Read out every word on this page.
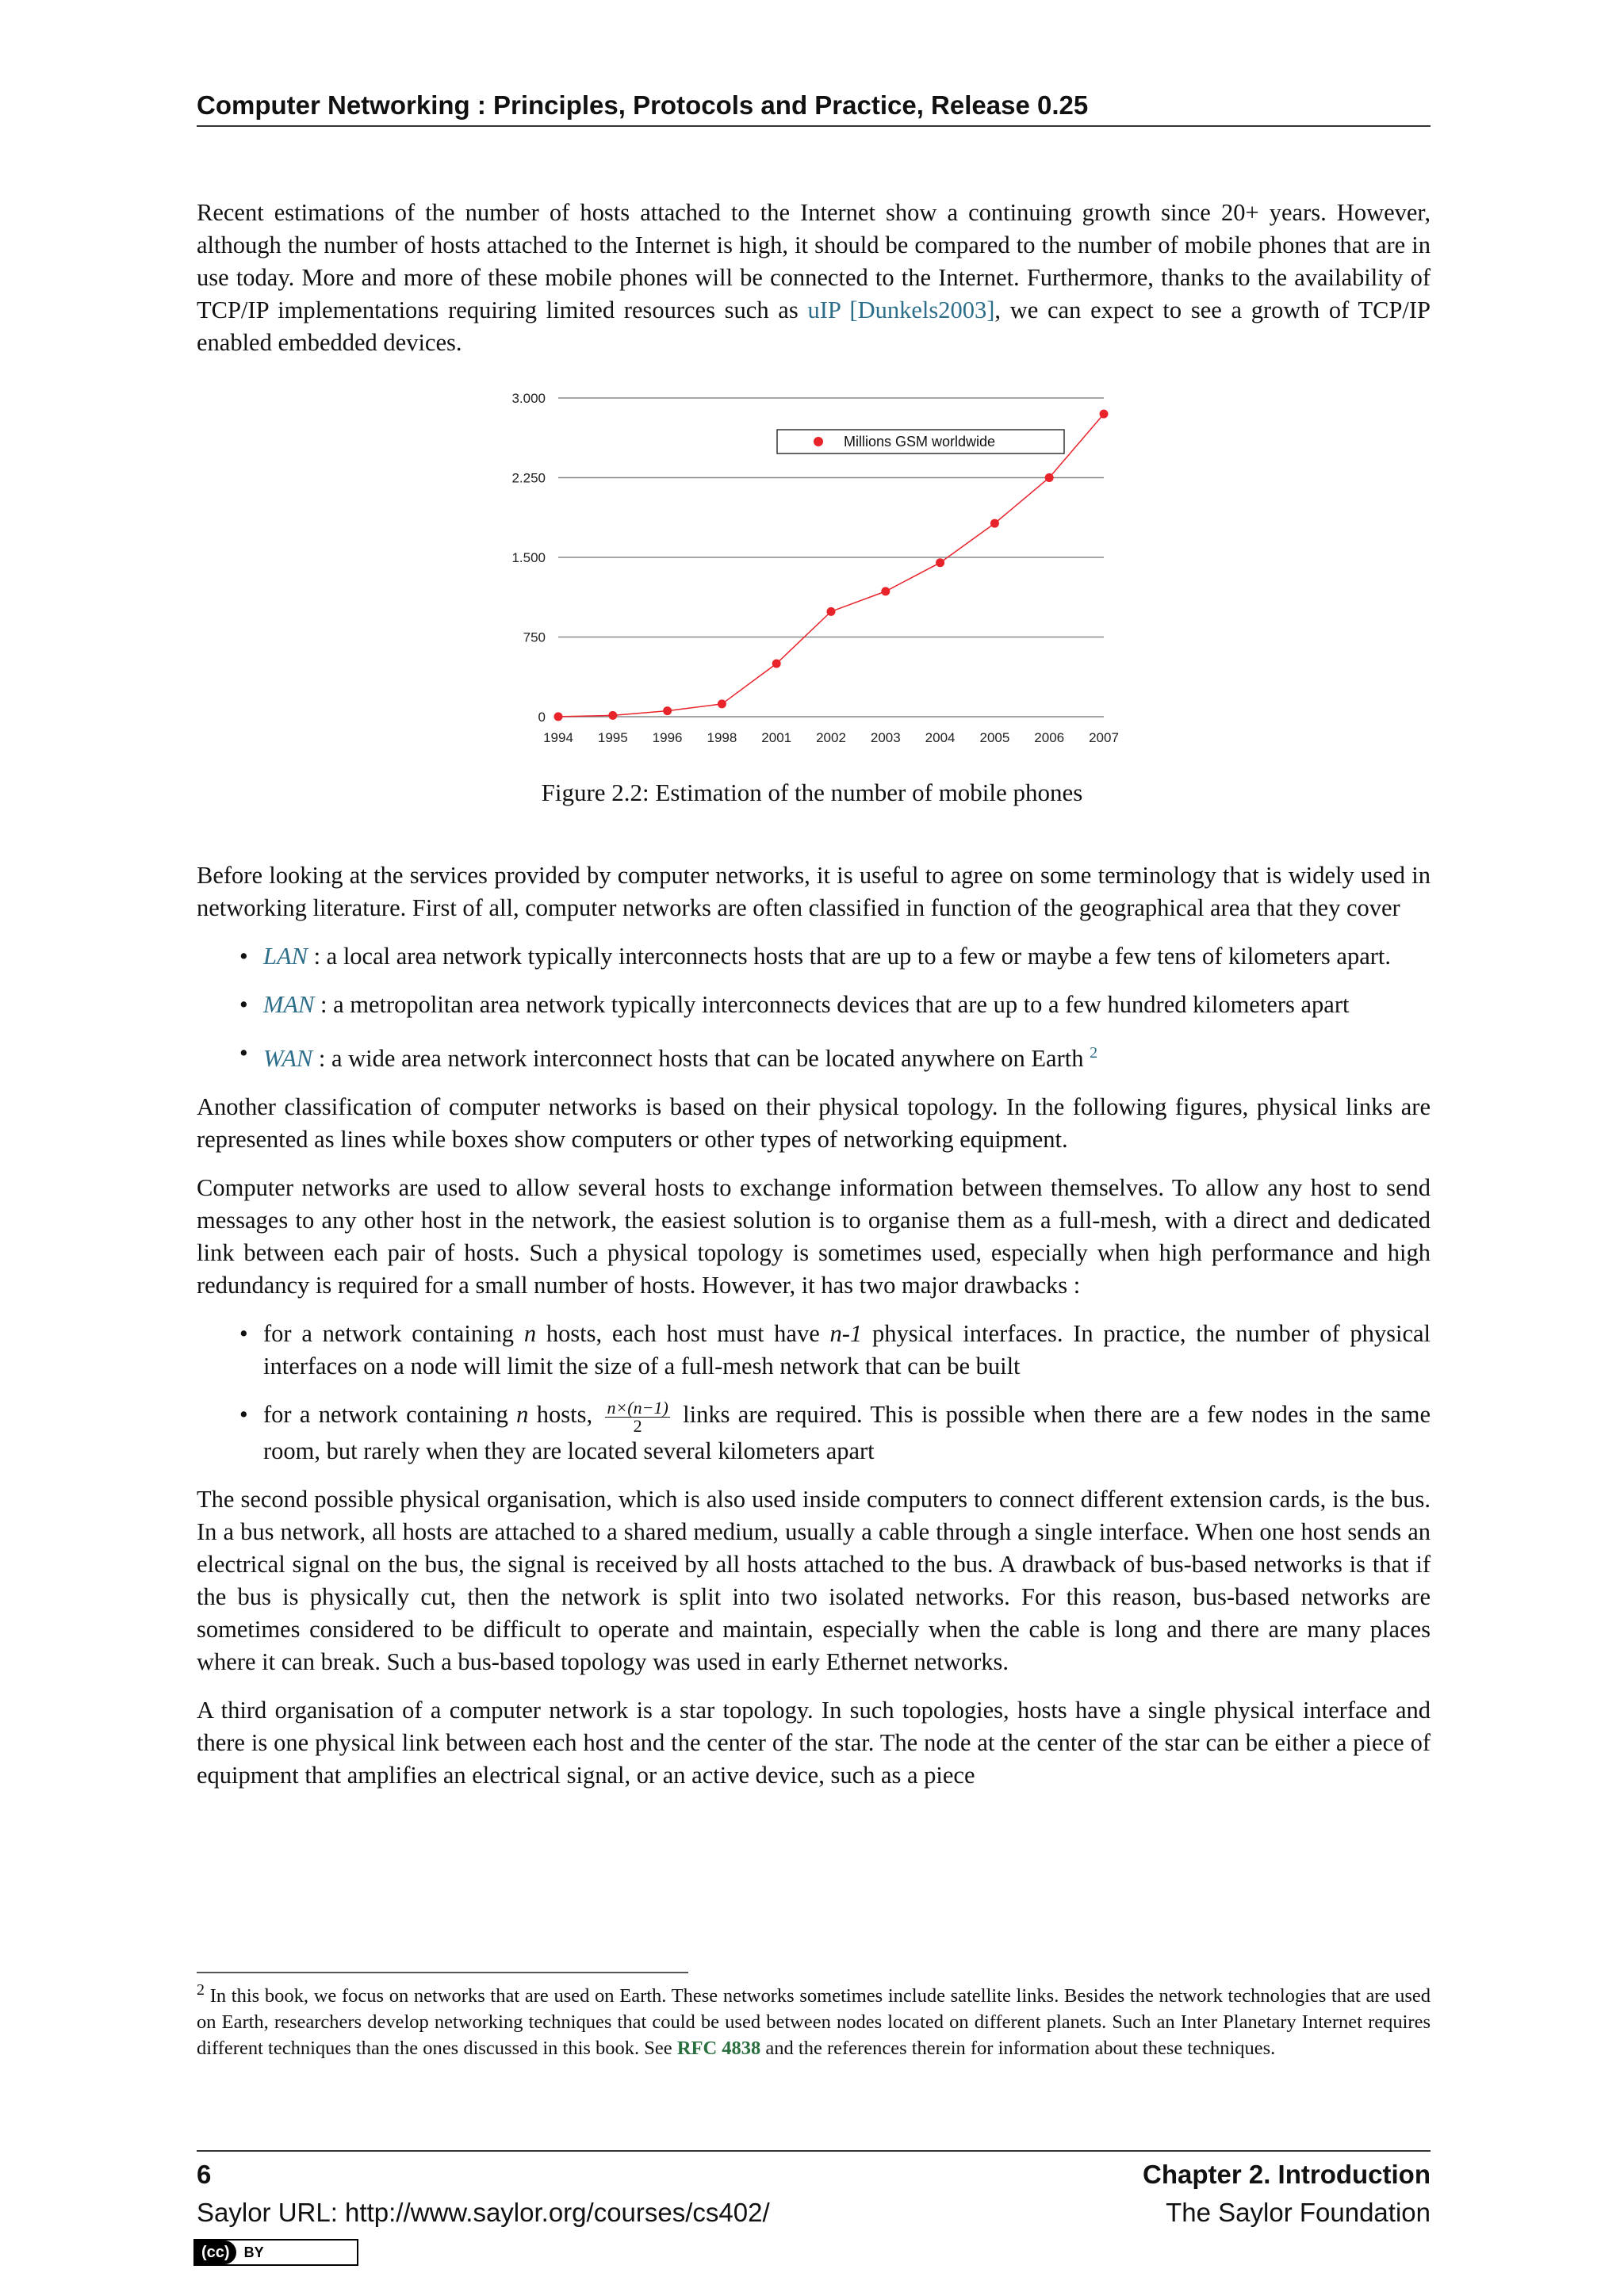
Computer Networking : Principles, Protocols and Practice, Release 0.25

Recent estimations of the number of hosts attached to the Internet show a continuing growth since 20+ years. However, although the number of hosts attached to the Internet is high, it should be compared to the number of mobile phones that are in use today. More and more of these mobile phones will be connected to the Internet. Furthermore, thanks to the availability of TCP/IP implementations requiring limited resources such as uIP [Dunkels2003], we can expect to see a growth of TCP/IP enabled embedded devices.

0
750
1.500
2.250
3.000
1994 1995 1996 1998 2001 2002 2003 2004 2005 2006 2007
Millions GSM worldwide
Figure 2.2: Estimation of the number of mobile phones

Before looking at the services provided by computer networks, it is useful to agree on some terminology that is widely used in networking literature. First of all, computer networks are often classified in function of the geographical area that they cover

• LAN : a local area network typically interconnects hosts that are up to a few or maybe a few tens of kilometers apart.
• MAN : a metropolitan area network typically interconnects devices that are up to a few hundred kilometers apart
• WAN : a wide area network interconnect hosts that can be located anywhere on Earth $^2$

Another classification of computer networks is based on their physical topology. In the following figures, physical links are represented as lines while boxes show computers or other types of networking equipment.

Computer networks are used to allow several hosts to exchange information between themselves. To allow any host to send messages to any other host in the network, the easiest solution is to organise them as a full-mesh, with a direct and dedicated link between each pair of hosts. Such a physical topology is sometimes used, especially when high performance and high redundancy is required for a small number of hosts. However, it has two major drawbacks :

• for a network containing n hosts, each host must have n-1 physical interfaces. In practice, the number of physical interfaces on a node will limit the size of a full-mesh network that can be built
• for a network containing n hosts, $\frac{n\times(n-1)}{2}$ links are required. This is possible when there are a few nodes in the same room, but rarely when they are located several kilometers apart

The second possible physical organisation, which is also used inside computers to connect different extension cards, is the bus. In a bus network, all hosts are attached to a shared medium, usually a cable through a single interface. When one host sends an electrical signal on the bus, the signal is received by all hosts attached to the bus. A drawback of bus-based networks is that if the bus is physically cut, then the network is split into two isolated networks. For this reason, bus-based networks are sometimes considered to be difficult to operate and maintain, especially when the cable is long and there are many places where it can break. Such a bus-based topology was used in early Ethernet networks.

A third organisation of a computer network is a star topology. In such topologies, hosts have a single physical interface and there is one physical link between each host and the center of the star. The node at the center of the star can be either a piece of equipment that amplifies an electrical signal, or an active device, such as a piece

$^2$ In this book, we focus on networks that are used on Earth. These networks sometimes include satellite links. Besides the network technologies that are used on Earth, researchers develop networking techniques that could be used between nodes located on different planets. Such an Inter Planetary Internet requires different techniques than the ones discussed in this book. See RFC 4838 and the references therein for information about these techniques.
6	Chapter 2. Introduction
Saylor URL: http://www.saylor.org/courses/cs402/	The Saylor Foundation
(cc)	BY
